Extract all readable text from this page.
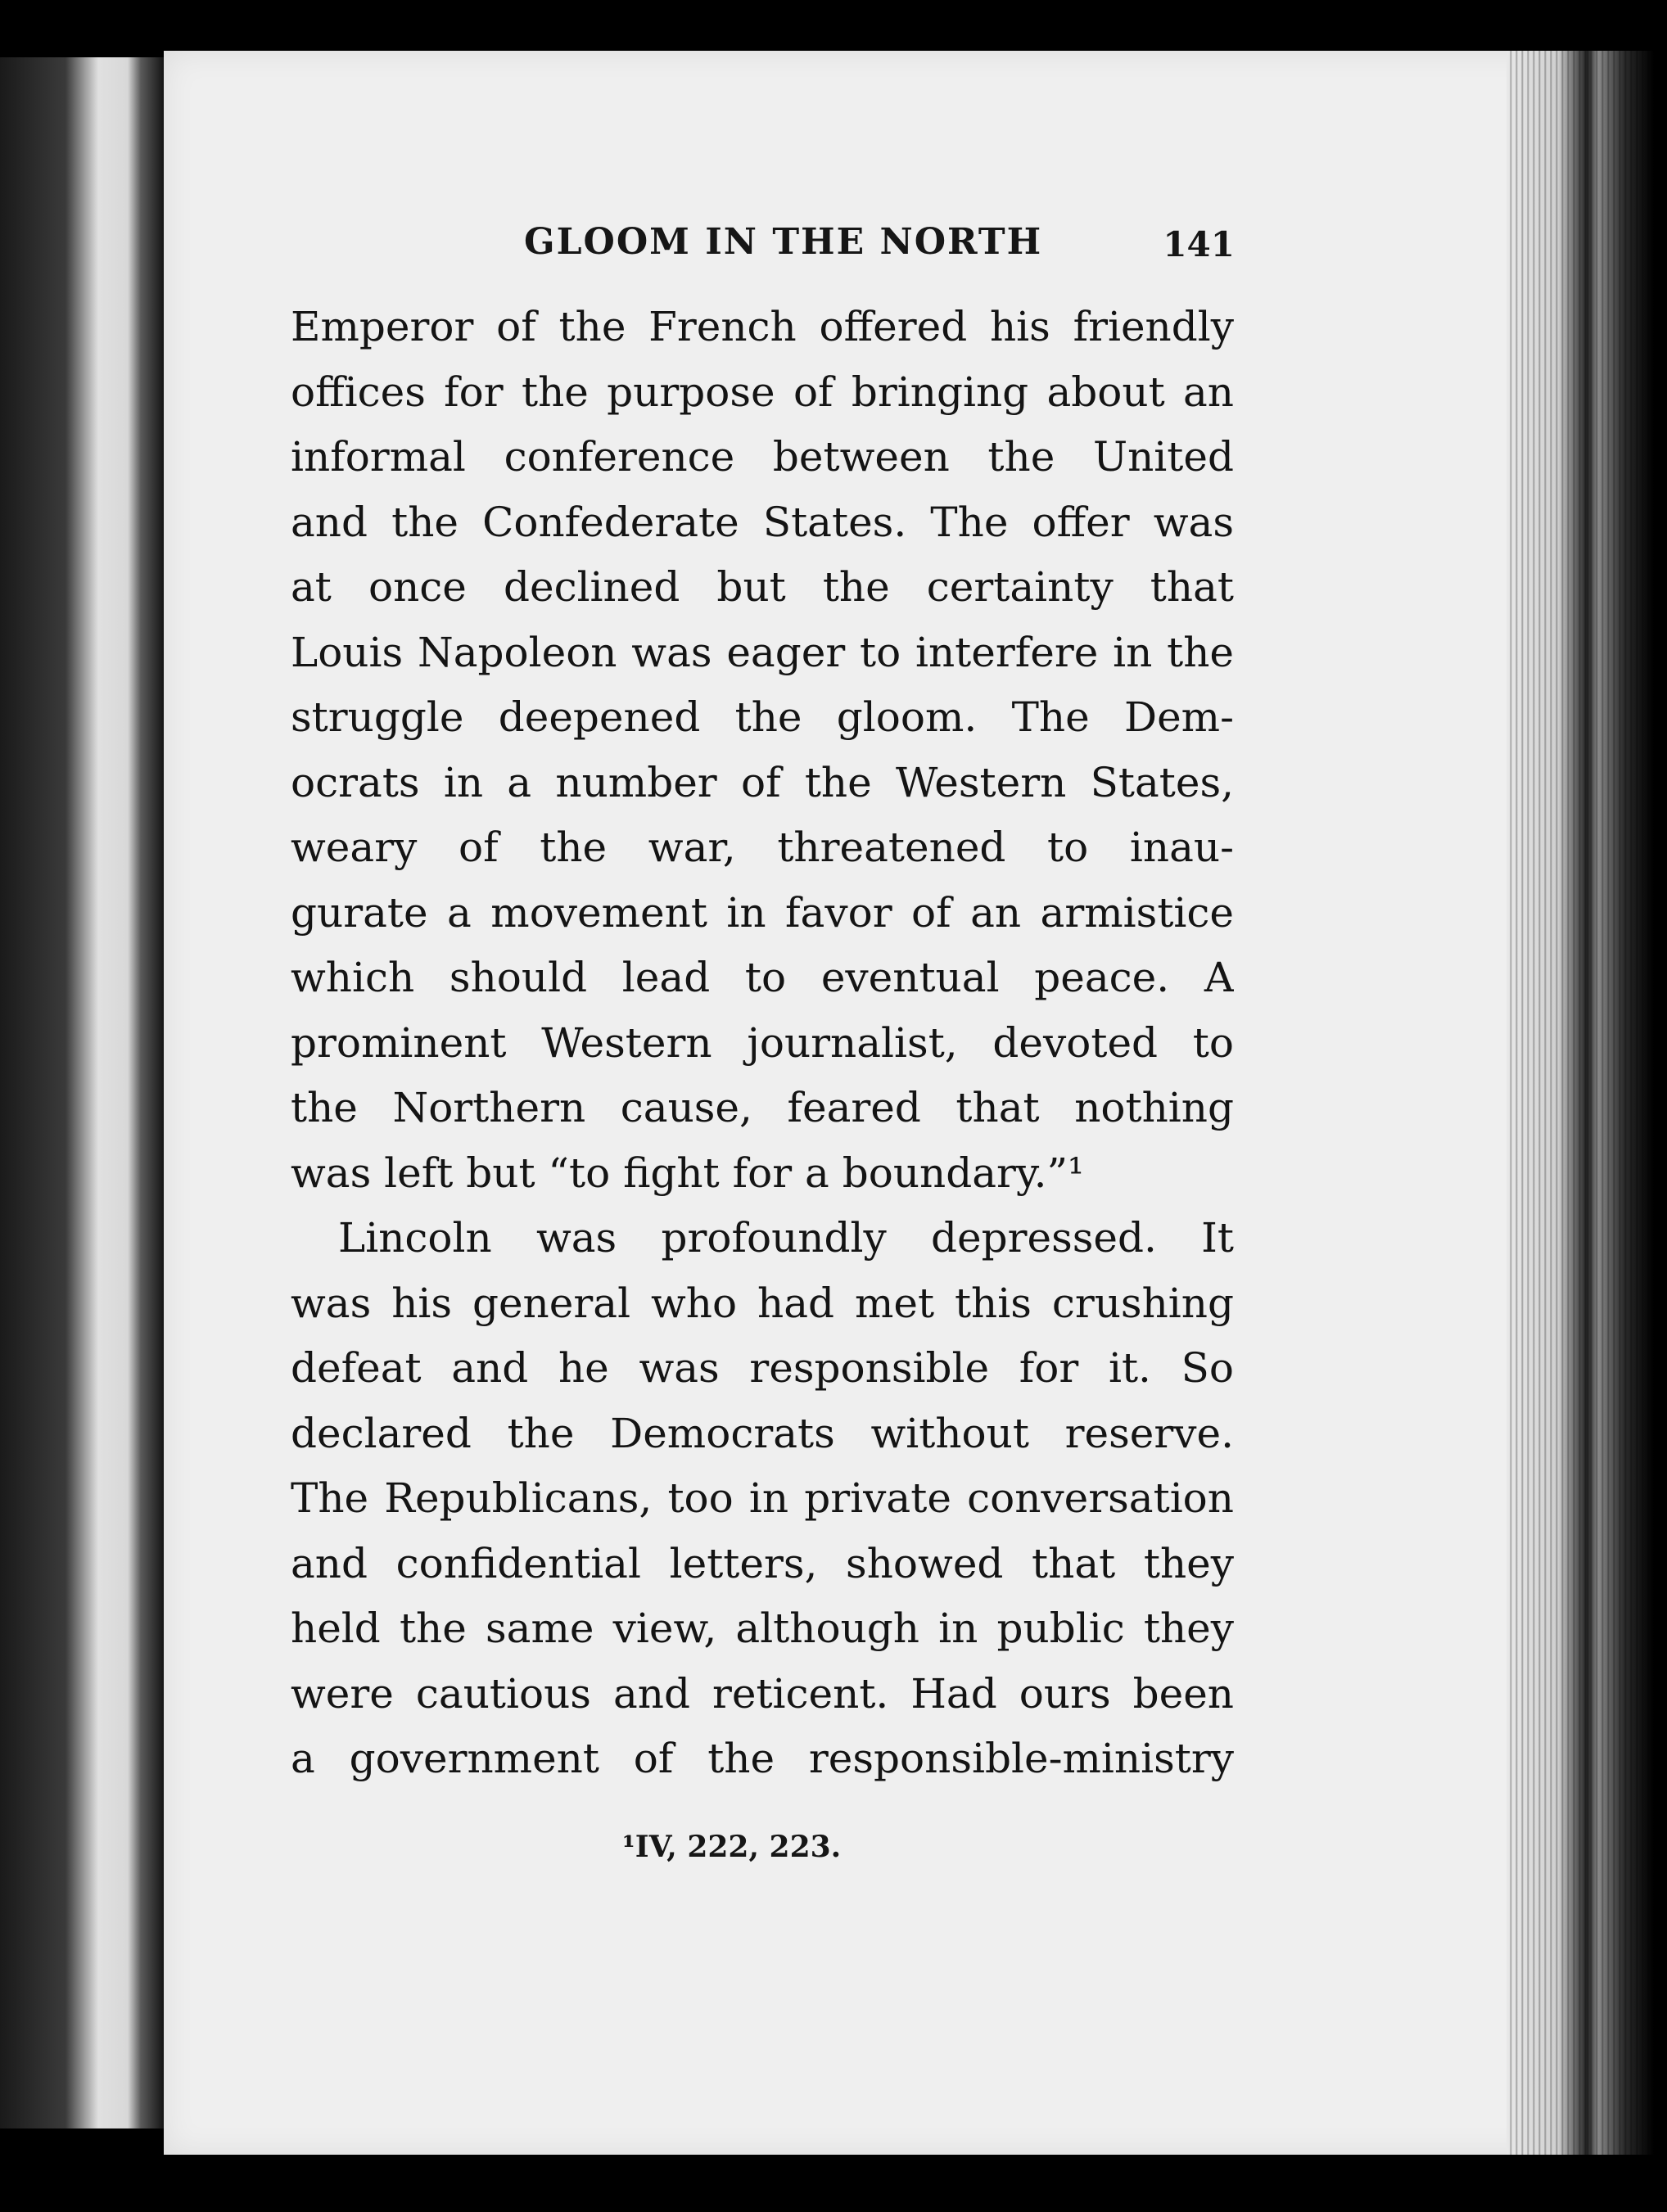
GLOOM IN THE NORTH	141
Emperor of the French offered his friendly
offices for the purpose of bringing about an
informal conference between the United
and the Confederate States. The offer was
at once declined but the certainty that
Louis Napoleon was eager to interfere in the
struggle deepened the gloom. The Dem-
ocrats in a number of the Western States,
weary of the war, threatened to inau-
gurate a movement in favor of an armistice
which should lead to eventual peace. A
prominent Western journalist, devoted to
the Northern cause, feared that nothing
was left but “to fight for a boundary.”¹
Lincoln was profoundly depressed. It
was his general who had met this crushing
defeat and he was responsible for it. So
declared the Democrats without reserve.
The Republicans, too in private conversation
and confidential letters, showed that they
held the same view, although in public they
were cautious and reticent. Had ours been
a government of the responsible-ministry
¹IV, 222, 223.
